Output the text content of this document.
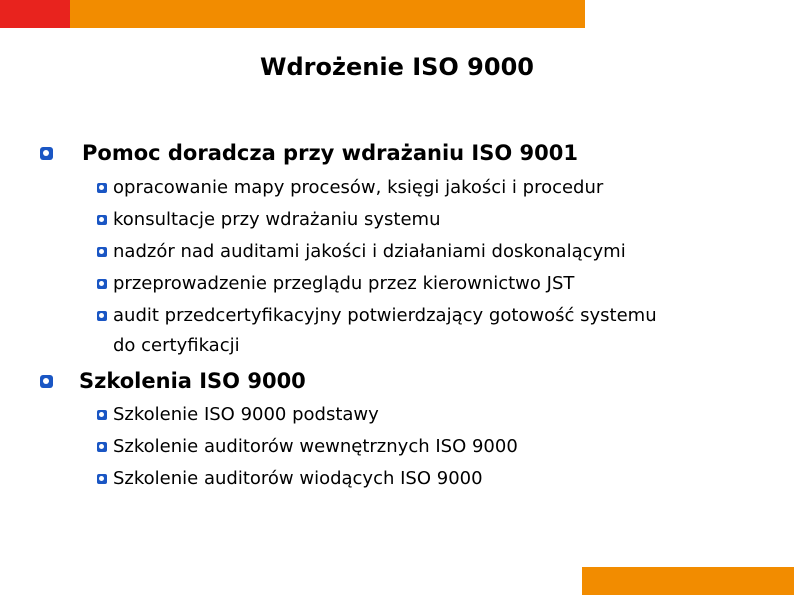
Wdrożenie ISO 9000
Pomoc doradcza przy wdrażaniu ISO 9001
opracowanie mapy procesów, księgi jakości i procedur
konsultacje przy wdrażaniu systemu
nadzór nad auditami jakości i działaniami doskonalącymi
przeprowadzenie przeglądu przez kierownictwo JST
audit przedcertyfikacyjny potwierdzający gotowość systemu
do certyfikacji
Szkolenia ISO 9000
Szkolenie ISO 9000 podstawy
Szkolenie auditorów wewnętrznych ISO 9000
Szkolenie auditorów wiodących ISO 9000
